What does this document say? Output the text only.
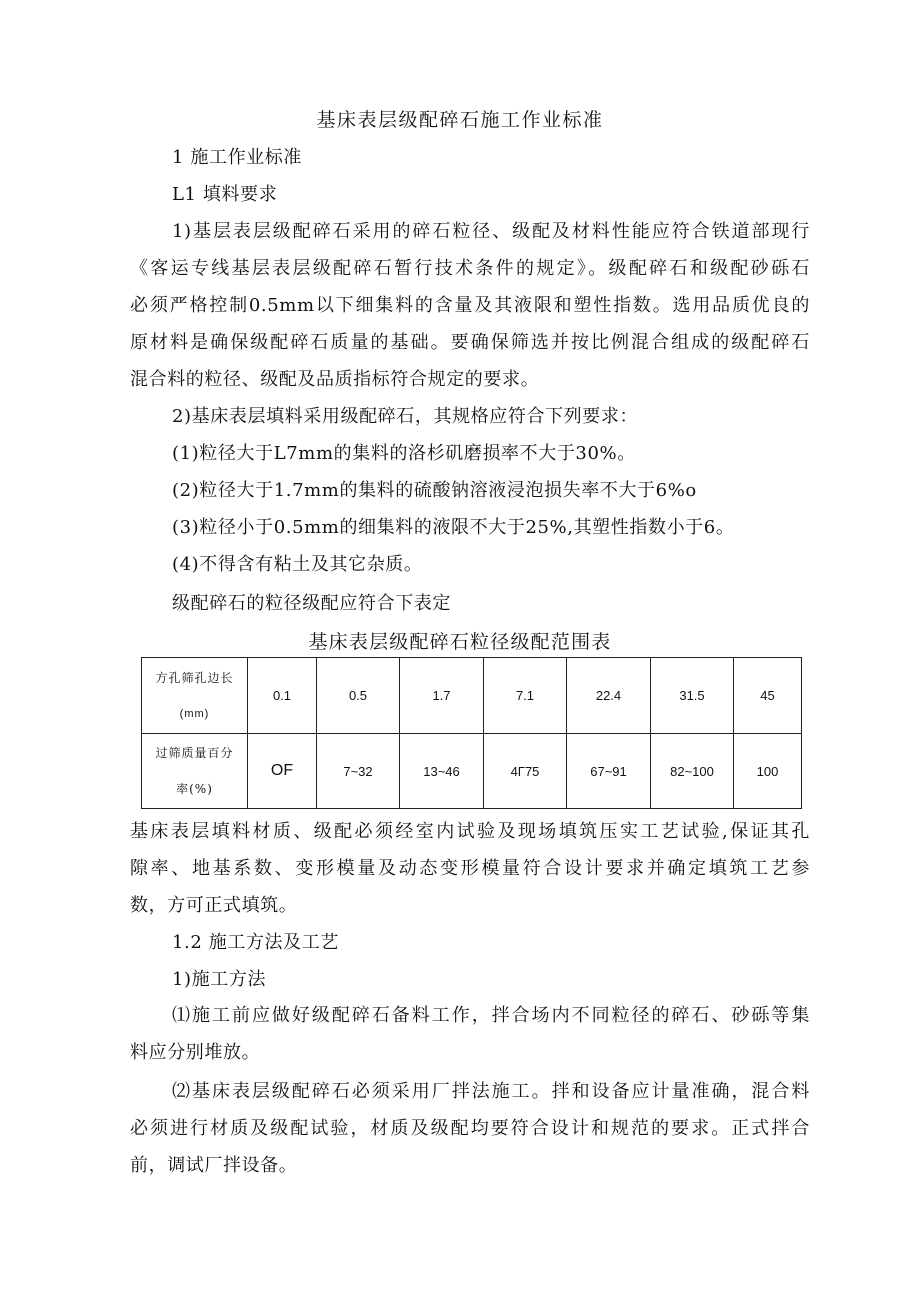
基床表层级配碎石施工作业标准

1 施工作业标准

L1 填料要求

1)基层表层级配碎石采用的碎石粒径、级配及材料性能应符合铁道部现行

《客运专线基层表层级配碎石暂行技术条件的规定》。级配碎石和级配砂砾石

必须严格控制0.5mm以下细集料的含量及其液限和塑性指数。选用品质优良的

原材料是确保级配碎石质量的基础。要确保筛选并按比例混合组成的级配碎石

混合料的粒径、级配及品质指标符合规定的要求。

2)基床表层填料采用级配碎石，其规格应符合下列要求：

(1)粒径大于L7mm的集料的洛杉矶磨损率不大于30%。

(2)粒径大于1.7mm的集料的硫酸钠溶液浸泡损失率不大于6%o

(3)粒径小于0.5mm的细集料的液限不大于25%,其塑性指数小于6。

(4)不得含有粘土及其它杂质。

级配碎石的粒径级配应符合下表定

基床表层级配碎石粒径级配范围表

方孔筛孔边长
(mm)	0.1	0.5	1.7	7.1	22.4	31.5	45

过筛质量百分
率(%)	OF	7~32	13~46	4Γ75	67~91	82~100	100

基床表层填料材质、级配必须经室内试验及现场填筑压实工艺试验,保证其孔

隙率、地基系数、变形模量及动态变形模量符合设计要求并确定填筑工艺参

数，方可正式填筑。

1.2 施工方法及工艺

1)施工方法

⑴施工前应做好级配碎石备料工作，拌合场内不同粒径的碎石、砂砾等集

料应分别堆放。

⑵基床表层级配碎石必须采用厂拌法施工。拌和设备应计量准确，混合料

必须进行材质及级配试验，材质及级配均要符合设计和规范的要求。正式拌合

前，调试厂拌设备。
